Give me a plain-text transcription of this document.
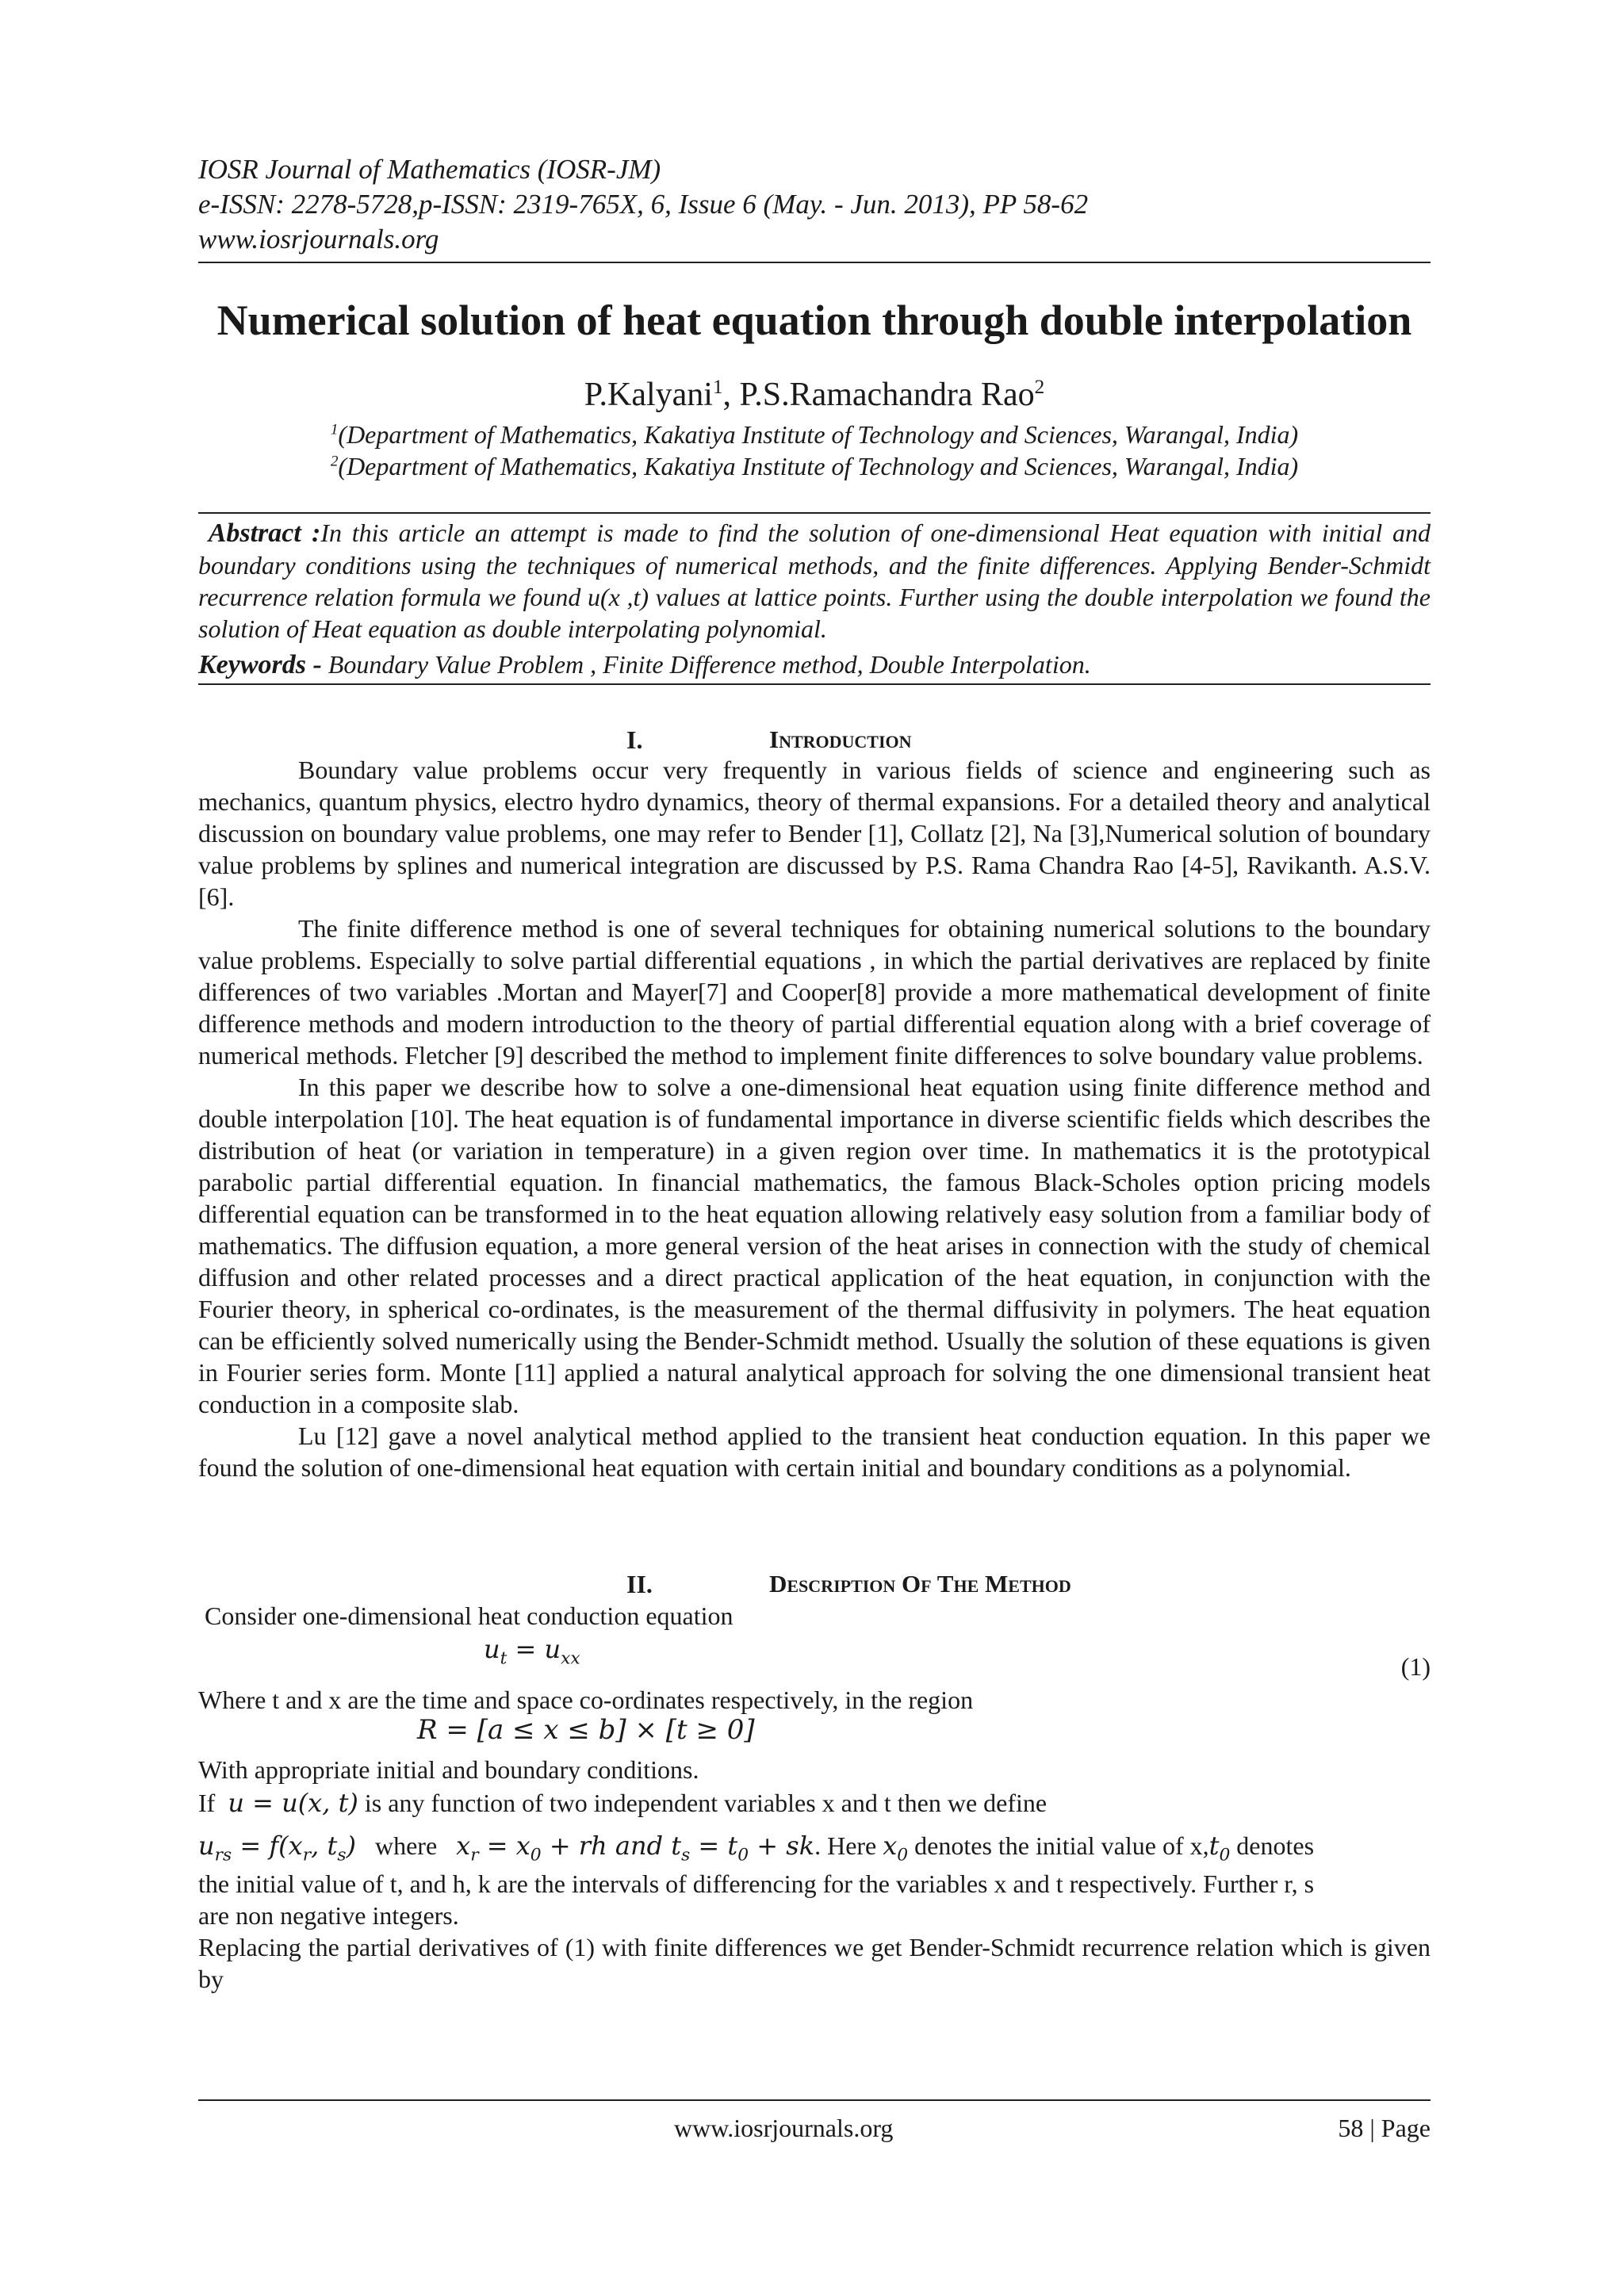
IOSR Journal of Mathematics (IOSR-JM)
e-ISSN: 2278-5728,p-ISSN: 2319-765X, 6, Issue 6 (May. - Jun. 2013), PP 58-62
www.iosrjournals.org
Numerical solution of heat equation through double interpolation
P.Kalyani$^1$, P.S.Ramachandra Rao$^2$
$^1$(Department of Mathematics, Kakatiya Institute of Technology and Sciences, Warangal, India)
$^2$(Department of Mathematics, Kakatiya Institute of Technology and Sciences, Warangal, India)
Abstract :In this article an attempt is made to find the solution of one-dimensional Heat equation with initial and boundary conditions using the techniques of numerical methods, and the finite differences. Applying Bender-Schmidt recurrence relation formula we found u(x ,t) values at lattice points. Further using the double interpolation we found the solution of Heat equation as double interpolating polynomial.
Keywords - Boundary Value Problem , Finite Difference method, Double Interpolation.
I.	Introduction

Boundary value problems occur very frequently in various fields of science and engineering such as mechanics, quantum physics, electro hydro dynamics, theory of thermal expansions. For a detailed theory and analytical discussion on boundary value problems, one may refer to Bender [1], Collatz [2], Na [3],Numerical solution of boundary value problems by splines and numerical integration are discussed by P.S. Rama Chandra Rao [4-5], Ravikanth. A.S.V. [6].

The finite difference method is one of several techniques for obtaining numerical solutions to the boundary value problems. Especially to solve partial differential equations , in which the partial derivatives are replaced by finite differences of two variables .Mortan and Mayer[7] and Cooper[8] provide a more mathematical development of finite difference methods and modern introduction to the theory of partial differential equation along with a brief coverage of numerical methods. Fletcher [9] described the method to implement finite differences to solve boundary value problems.

In this paper we describe how to solve a one-dimensional heat equation using finite difference method and double interpolation [10]. The heat equation is of fundamental importance in diverse scientific fields which describes the distribution of heat (or variation in temperature) in a given region over time. In mathematics it is the prototypical parabolic partial differential equation. In financial mathematics, the famous Black-Scholes option pricing models differential equation can be transformed in to the heat equation allowing relatively easy solution from a familiar body of mathematics. The diffusion equation, a more general version of the heat arises in connection with the study of chemical diffusion and other related processes and a direct practical application of the heat equation, in conjunction with the Fourier theory, in spherical co-ordinates, is the measurement of the thermal diffusivity in polymers. The heat equation can be efficiently solved numerically using the Bender-Schmidt method. Usually the solution of these equations is given in Fourier series form. Monte [11] applied a natural analytical approach for solving the one dimensional transient heat conduction in a composite slab.

Lu [12] gave a novel analytical method applied to the transient heat conduction equation. In this paper we found the solution of one-dimensional heat equation with certain initial and boundary conditions as a polynomial.

II.	Description Of The Method
Consider one-dimensional heat conduction equation
$u_t = u_{xx}$	(1)
Where t and x are the time and space co-ordinates respectively, in the region
R = [a ≤ x ≤ b] × [t ≥ 0]
With appropriate initial and boundary conditions.
If u = u(x, t) is any function of two independent variables x and t then we define
$u_{rs} = f(x_r$, $t_s$) where $x_r = x_0$ + rh and $t_s = t_0$ + sk. Here $x_0$ denotes the initial value of $x,t_0$ denotes
the initial value of t, and h, k are the intervals of differencing for the variables x and t respectively. Further r, s
are non negative integers.
Replacing the partial derivatives of (1) with finite differences we get Bender-Schmidt recurrence relation which is given by
www.iosrjournals.org	58 | Page
